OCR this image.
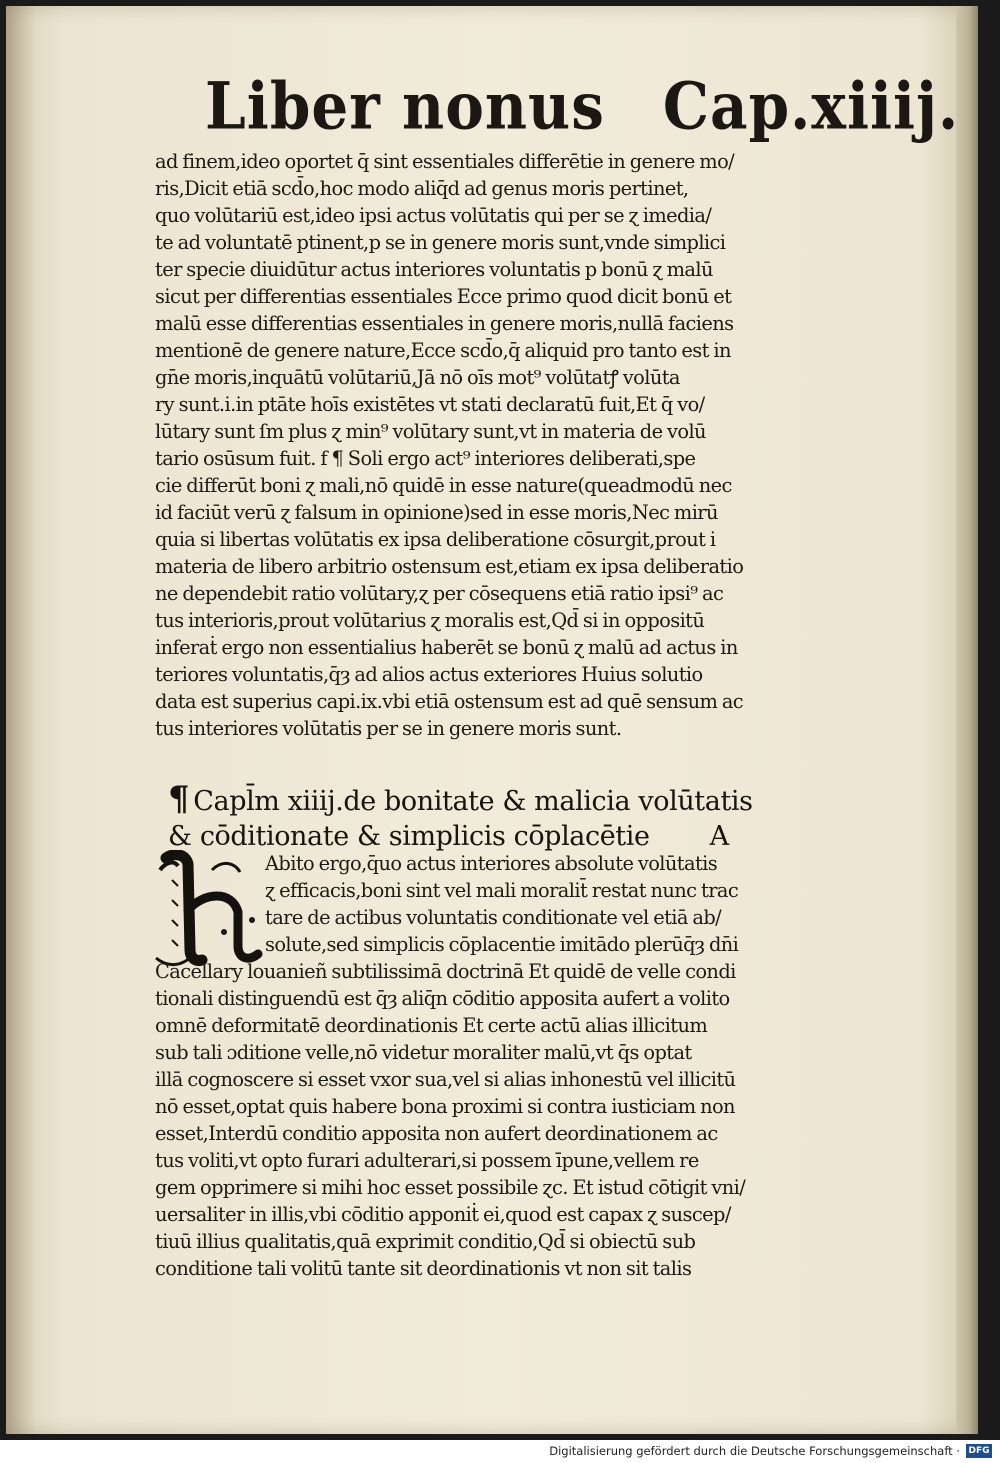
Liber nonus Cap.xiiij.
ad finem,ideo oportet q̄ sint essentiales differētie in genere mo/
ris,Dicit etiā scd̄o,hoc modo aliq̄d ad genus moris pertinet,
quo volūtariū est,ideo ipsi actus volūtatis qui per se ɀ imedia/
te ad voluntatē ptinent,p se in genere moris sunt,vnde simplici
ter specie diuidūtur actus interiores voluntatis p bonū ɀ malū
sicut per differentias essentiales Ecce primo quod dicit bonū et
malū esse differentias essentiales in genere moris,nullā faciens
mentionē de genere nature,Ecce scd̄o,q̄ aliquid pro tanto est in
gn̄e moris,inquātū volūtariū,Jā nō oīs mot⁹ volūtatꝭ volūta
ry sunt.i.in ptāte hoīs existētes vt stati declaratū fuit,Et q̄ vo/
lūtary sunt ſm plus ɀ min⁹ volūtary sunt,vt in materia de volū
tario osūsum fuit. f ¶ Soli ergo act⁹ interiores deliberati,spe
cie differūt boni ɀ mali,nō quidē in esse nature(queadmodū nec
id faciūt verū ɀ falsum in opinione)sed in esse moris,Nec mirū
quia si libertas volūtatis ex ipsa deliberatione cōsurgit,prout i
materia de libero arbitrio ostensum est,etiam ex ipsa deliberatio
ne dependebit ratio volūtary,ɀ per cōsequens etiā ratio ipsi⁹ ac
tus interioris,prout volūtarius ɀ moralis est,Qd̄ si in oppositū
inferaṫ ergo non essentialius haberēt se bonū ɀ malū ad actus in
teriores voluntatis,q̄ȝ ad alios actus exteriores Huius solutio
data est superius capi.ix.vbi etiā ostensum est ad quē sensum ac
tus interiores volūtatis per se in genere moris sunt.
¶ Capl̄m xiiij.de bonitate & malicia volūtatis
& cōditionate & simplicis cōplacētie A
Abito ergo,q̄uo actus interiores absolute volūtatis
ɀ efficacis,boni sint vel mali moralit̄ restat nunc trac
tare de actibus voluntatis conditionate vel etiā ab/
solute,sed simplicis cōplacentie imitādo plerūq̄ȝ dn̄i
Cācellary louanieñ subtilissimā doctrinā Et quidē de velle condi
tionali distinguendū est q̄ȝ aliq̄n cōditio apposita aufert a volito
omnē deformitatē deordinationis Et certe actū alias illicitum
sub tali ɔditione velle,nō videtur moraliter malū,vt q̄s optat
illā cognoscere si esset vxor sua,vel si alias inhonestū vel illicitū
nō esset,optat quis habere bona proximi si contra iusticiam non
esset,Interdū conditio apposita non aufert deordinationem ac
tus voliti,vt opto furari adulterari,si possem īpune,vellem re
gem opprimere si mihi hoc esset possibile ɀc. Et istud cōtigit vni/
uersaliter in illis,vbi cōditio apponiṫ ei,quod est capax ɀ suscep/
tiuū illius qualitatis,quā exprimit conditio,Qd̄ si obiectū sub
conditione tali volitū tante sit deordinationis vt non sit talis
Digitalisierung gefördert durch die Deutsche Forschungsgemeinschaft · DFG
